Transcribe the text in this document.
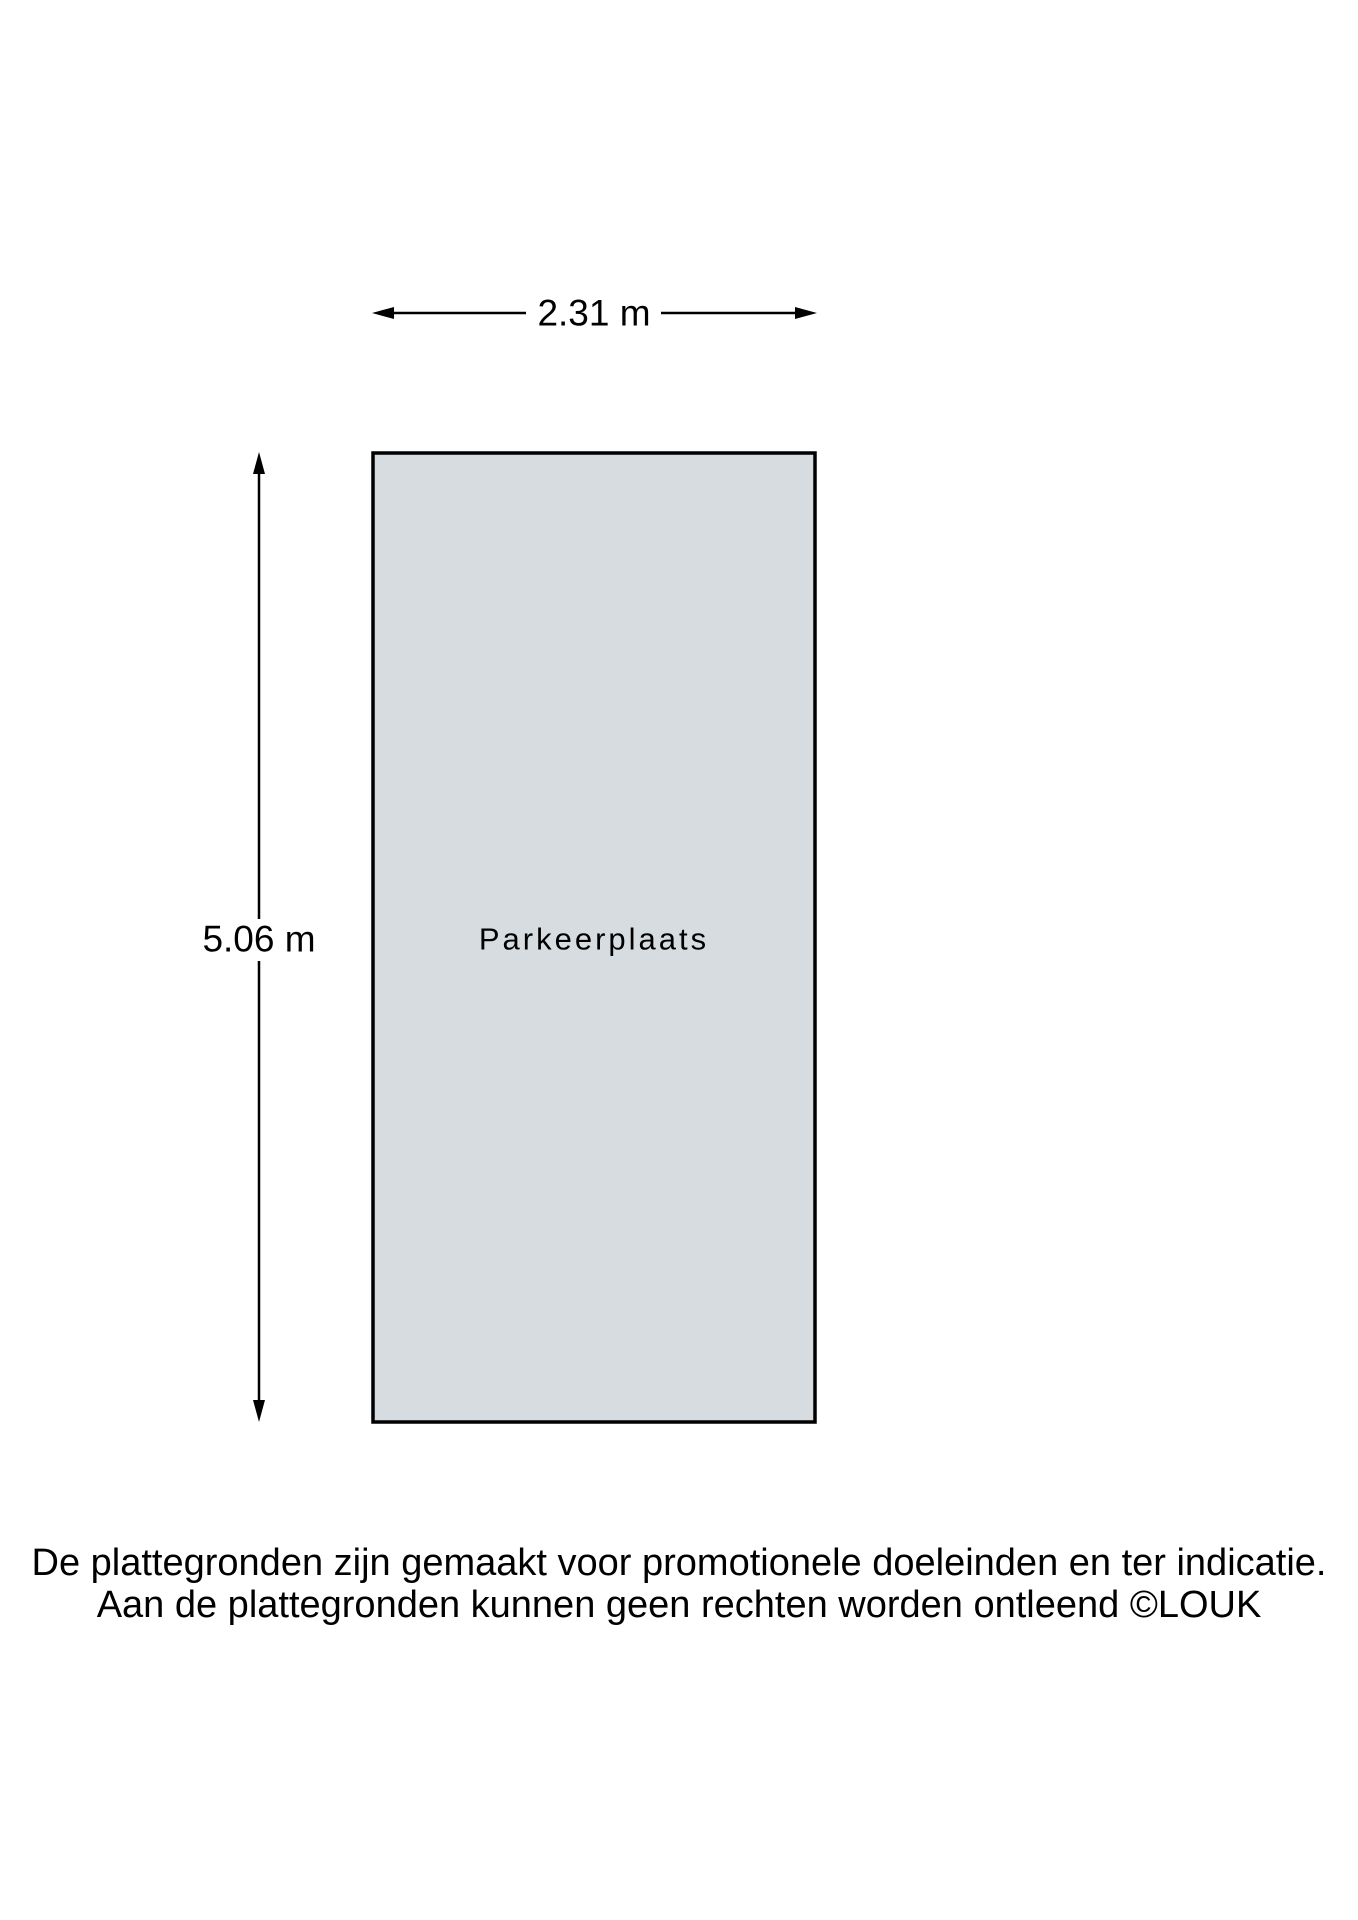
2.31 m
5.06 m	Parkeerplaats
De plattegronden zijn gemaakt voor promotionele doeleinden en ter indicatie.
Aan de plattegronden kunnen geen rechten worden ontleend ©LOUK
